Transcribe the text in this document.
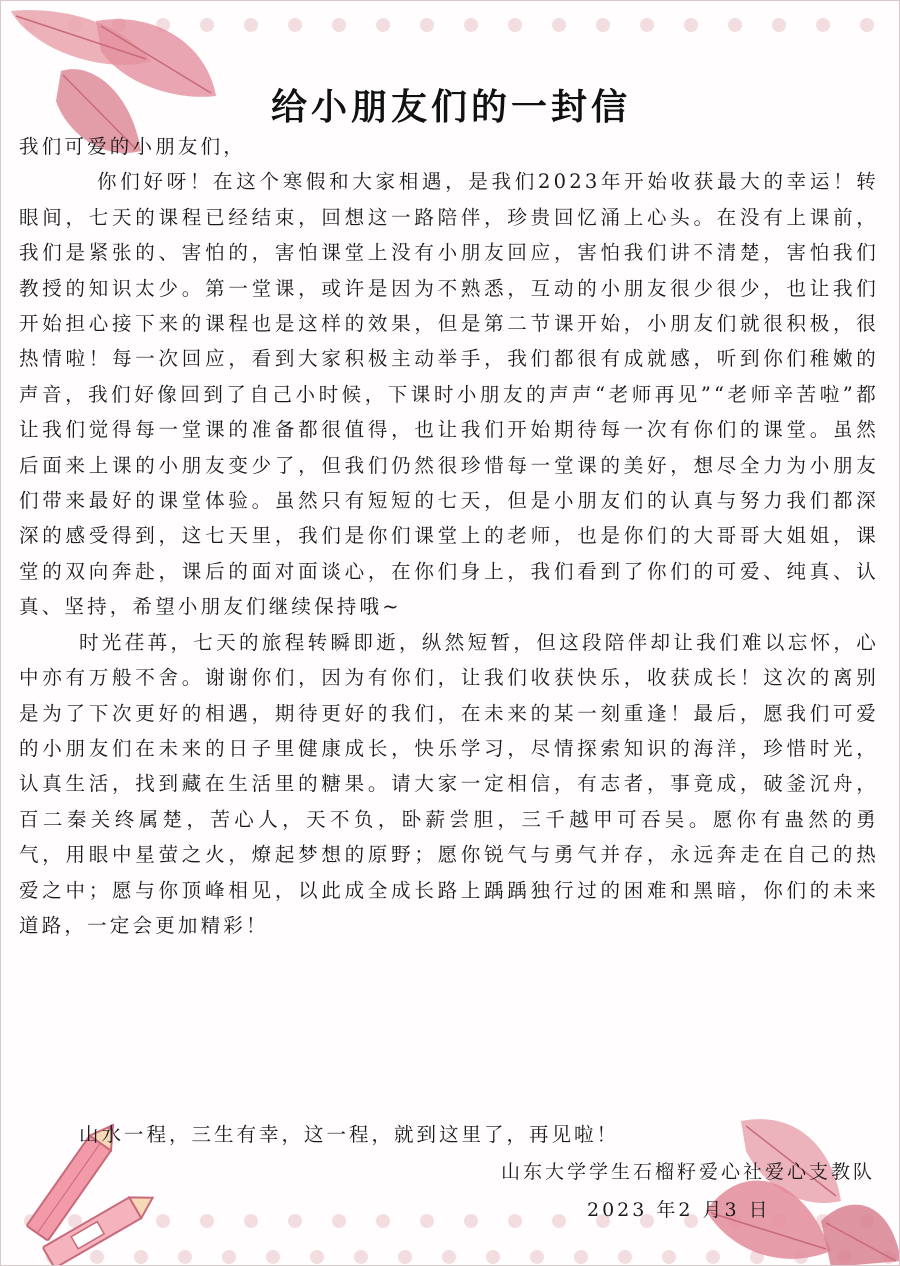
给小朋友们的一封信

我们可爱的小朋友们，

你们好呀！在这个寒假和大家相遇，是我们2023年开始收获最大的幸运！转眼间，七天的课程已经结束，回想这一路陪伴，珍贵回忆涌上心头。在没有上课前，我们是紧张的、害怕的，害怕课堂上没有小朋友回应，害怕我们讲不清楚，害怕我们教授的知识太少。第一堂课，或许是因为不熟悉，互动的小朋友很少很少，也让我们开始担心接下来的课程也是这样的效果，但是第二节课开始，小朋友们就很积极，很热情啦！每一次回应，看到大家积极主动举手，我们都很有成就感，听到你们稚嫩的声音，我们好像回到了自己小时候，下课时小朋友的声声“老师再见”“老师辛苦啦”都让我们觉得每一堂课的准备都很值得，也让我们开始期待每一次有你们的课堂。虽然后面来上课的小朋友变少了，但我们仍然很珍惜每一堂课的美好，想尽全力为小朋友们带来最好的课堂体验。虽然只有短短的七天，但是小朋友们的认真与努力我们都深深的感受得到，这七天里，我们是你们课堂上的老师，也是你们的大哥哥大姐姐，课堂的双向奔赴，课后的面对面谈心，在你们身上，我们看到了你们的可爱、纯真、认真、坚持，希望小朋友们继续保持哦~

时光荏苒，七天的旅程转瞬即逝，纵然短暂，但这段陪伴却让我们难以忘怀，心中亦有万般不舍。谢谢你们，因为有你们，让我们收获快乐，收获成长！这次的离别是为了下次更好的相遇，期待更好的我们，在未来的某一刻重逢！最后，愿我们可爱的小朋友们在未来的日子里健康成长，快乐学习，尽情探索知识的海洋，珍惜时光，认真生活，找到藏在生活里的糖果。请大家一定相信，有志者，事竟成，破釜沉舟，百二秦关终属楚，苦心人，天不负，卧薪尝胆，三千越甲可吞吴。愿你有蛊然的勇气，用眼中星萤之火，燎起梦想的原野；愿你锐气与勇气并存，永远奔走在自己的热爱之中；愿与你顶峰相见，以此成全成长路上踽踽独行过的困难和黑暗，你们的未来道路，一定会更加精彩！

山水一程，三生有幸，这一程，就到这里了，再见啦！
山东大学学生石榴籽爱心社爱心支教队
2023 年2 月3 日
